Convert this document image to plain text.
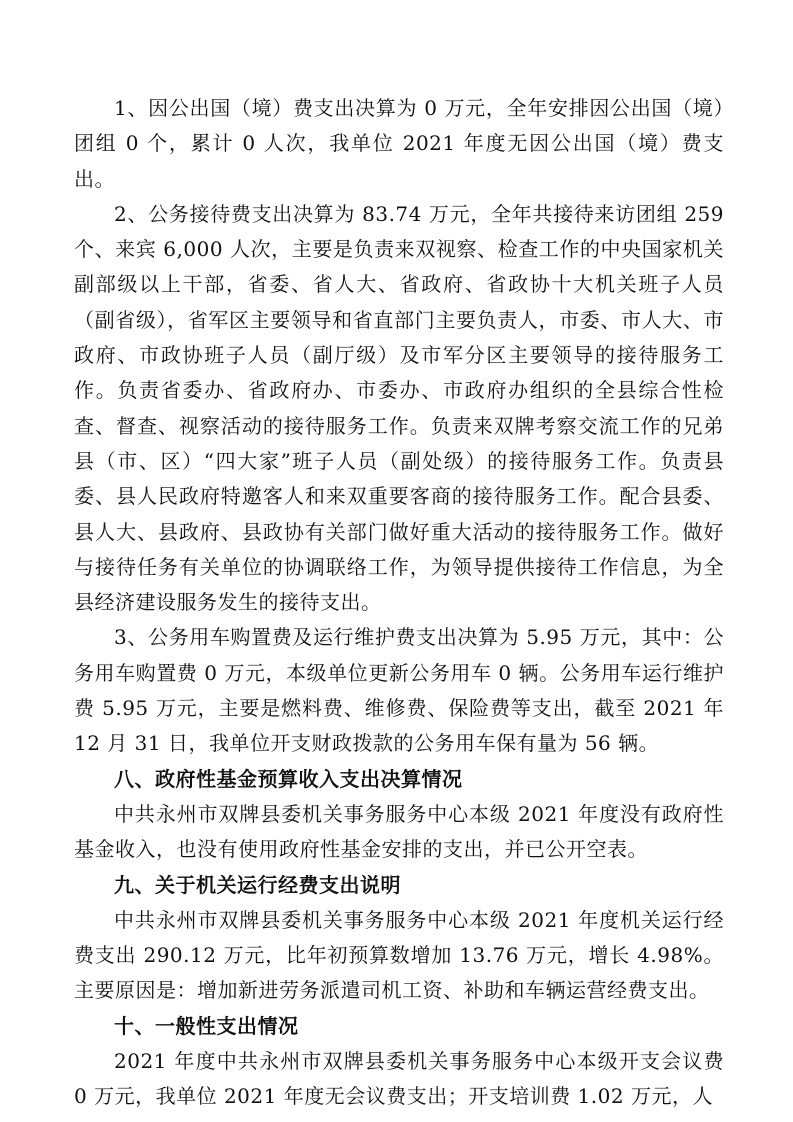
1、因公出国（境）费支出决算为 0 万元，全年安排因公出国（境）团组 0 个，累计 0 人次，我单位 2021 年度无因公出国（境）费支出。

2、公务接待费支出决算为 83.74 万元，全年共接待来访团组 259 个、来宾 6,000 人次，主要是负责来双视察、检查工作的中央国家机关副部级以上干部，省委、省人大、省政府、省政协十大机关班子人员（副省级），省军区主要领导和省直部门主要负责人，市委、市人大、市政府、市政协班子人员（副厅级）及市军分区主要领导的接待服务工作。负责省委办、省政府办、市委办、市政府办组织的全县综合性检查、督查、视察活动的接待服务工作。负责来双牌考察交流工作的兄弟县（市、区）“四大家”班子人员（副处级）的接待服务工作。负责县委、县人民政府特邀客人和来双重要客商的接待服务工作。配合县委、县人大、县政府、县政协有关部门做好重大活动的接待服务工作。做好与接待任务有关单位的协调联络工作，为领导提供接待工作信息，为全县经济建设服务发生的接待支出。

3、公务用车购置费及运行维护费支出决算为 5.95 万元，其中：公务用车购置费 0 万元，本级单位更新公务用车 0 辆。公务用车运行维护费 5.95 万元，主要是燃料费、维修费、保险费等支出，截至 2021 年 12 月 31 日，我单位开支财政拨款的公务用车保有量为 56 辆。

八、政府性基金预算收入支出决算情况

中共永州市双牌县委机关事务服务中心本级 2021 年度没有政府性基金收入，也没有使用政府性基金安排的支出，并已公开空表。

九、关于机关运行经费支出说明

中共永州市双牌县委机关事务服务中心本级 2021 年度机关运行经费支出 290.12 万元，比年初预算数增加 13.76 万元，增长 4.98%。主要原因是：增加新进劳务派遣司机工资、补助和车辆运营经费支出。

十、一般性支出情况

2021 年度中共永州市双牌县委机关事务服务中心本级开支会议费 0 万元，我单位 2021 年度无会议费支出；开支培训费 1.02 万元，人
